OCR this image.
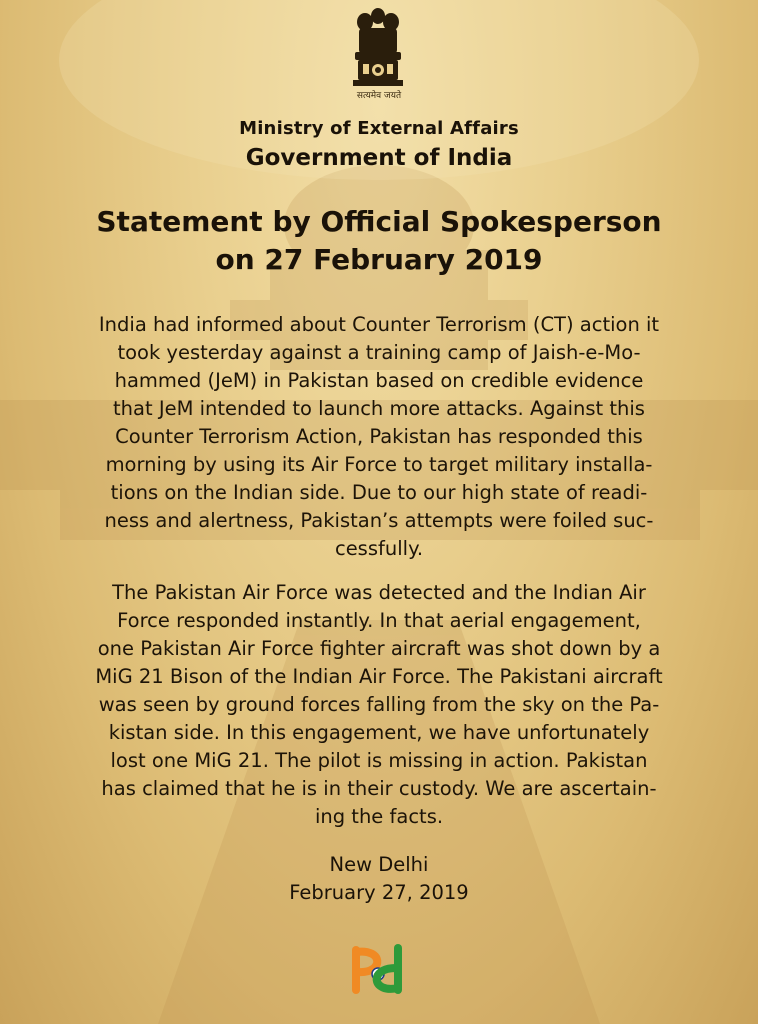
सत्यमेव जयते
Ministry of External Affairs
Government of India
Statement by Official Spokesperson
on 27 February 2019
India had informed about Counter Terrorism (CT) action it
took yesterday against a training camp of Jaish-e-Mo-
hammed (JeM) in Pakistan based on credible evidence
that JeM intended to launch more attacks. Against this
Counter Terrorism Action, Pakistan has responded this
morning by using its Air Force to target military installa-
tions on the Indian side. Due to our high state of readi-
ness and alertness, Pakistan’s attempts were foiled suc-
cessfully.
The Pakistan Air Force was detected and the Indian Air
Force responded instantly. In that aerial engagement,
one Pakistan Air Force fighter aircraft was shot down by a
MiG 21 Bison of the Indian Air Force. The Pakistani aircraft
was seen by ground forces falling from the sky on the Pa-
kistan side. In this engagement, we have unfortunately
lost one MiG 21. The pilot is missing in action. Pakistan
has claimed that he is in their custody. We are ascertain-
ing the facts.
New Delhi
February 27, 2019
